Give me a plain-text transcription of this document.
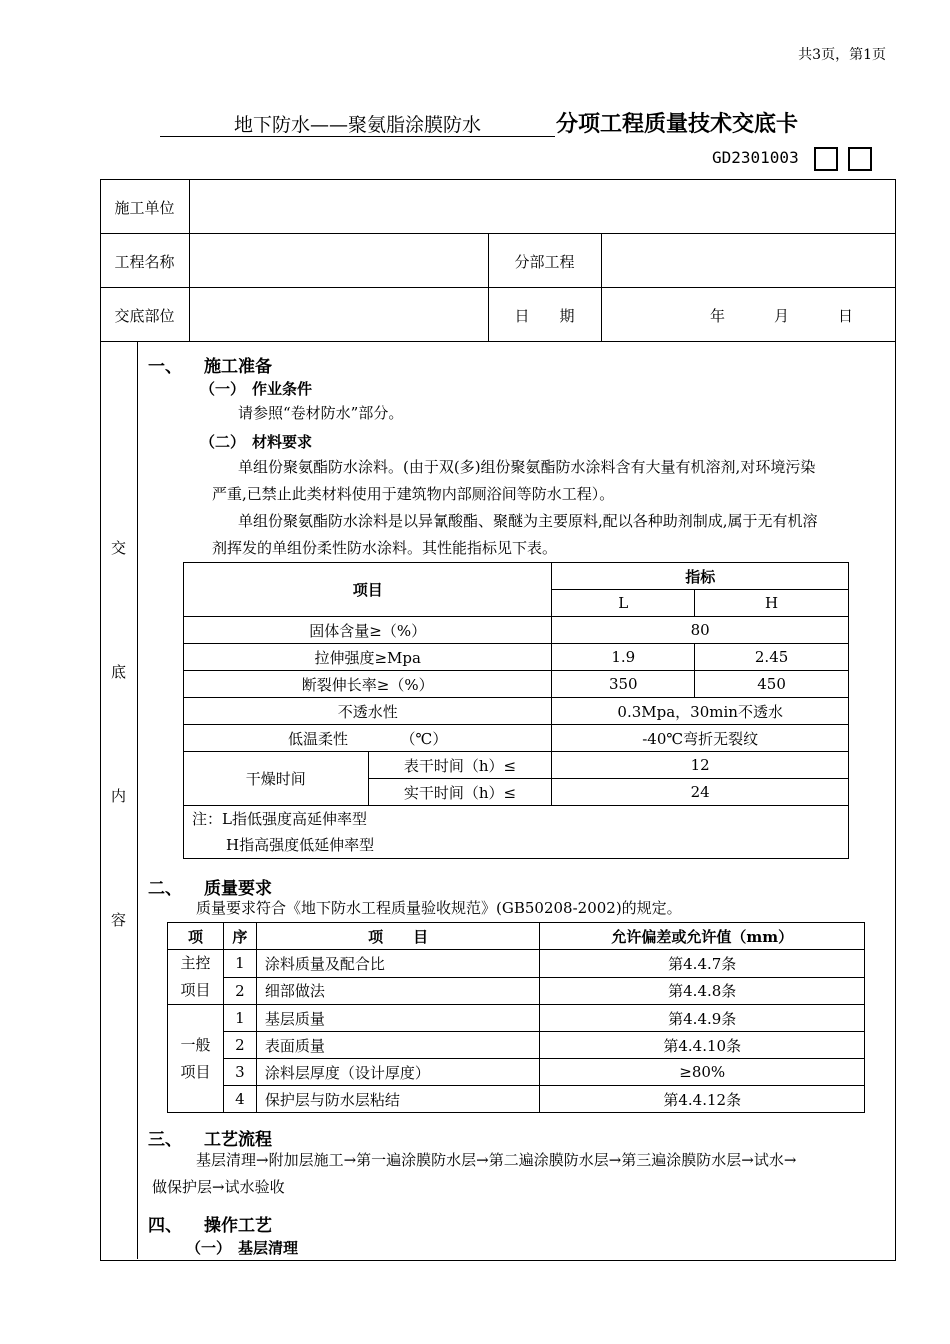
共3页，第1页
地下防水——聚氨脂涂膜防水	分项工程质量技术交底卡
GD2301003
施工单位
工程名称	分部工程
交底部位	日　　期	年	月	日
交
底
内
容
一、 施工准备
（一） 作业条件
请参照“卷材防水”部分。
（二） 材料要求
单组份聚氨酯防水涂料。(由于双(多)组份聚氨酯防水涂料含有大量有机溶剂,对环境污染
严重,已禁止此类材料使用于建筑物内部厕浴间等防水工程）。
单组份聚氨酯防水涂料是以异氰酸酯、聚醚为主要原料,配以各种助剂制成,属于无有机溶
剂挥发的单组份柔性防水涂料。其性能指标见下表。
项目		指标	
		L	H
固体含量≥（%）		80	
拉伸强度≥Mpa		1.9	2.45
断裂伸长率≥（%）		350	450
不透水性		0.3Mpa，30min不透水	
低温柔性　　　　（℃）		-40℃弯折无裂纹	
干燥时间	表干时间（h）≤	12	
	实干时间（h）≤	24	

注：L指低强度高延伸率型
H指高强度低延伸率型			
二、 质量要求
质量要求符合《地下防水工程质量验收规范》(GB50208-2002)的规定。
项	序	项　　目	允许偏差或允许值（mm）

主控
项目	1	涂料质量及配合比	第4.4.7条
	2	细部做法	第4.4.8条

一般
项目	1	基层质量	第4.4.9条
	2	表面质量	第4.4.10条
	3	涂料层厚度（设计厚度）	≥80%
	4	保护层与防水层粘结	第4.4.12条
三、 工艺流程
基层清理→附加层施工→第一遍涂膜防水层→第二遍涂膜防水层→第三遍涂膜防水层→试水→
做保护层→试水验收
四、 操作工艺
（一） 基层清理
